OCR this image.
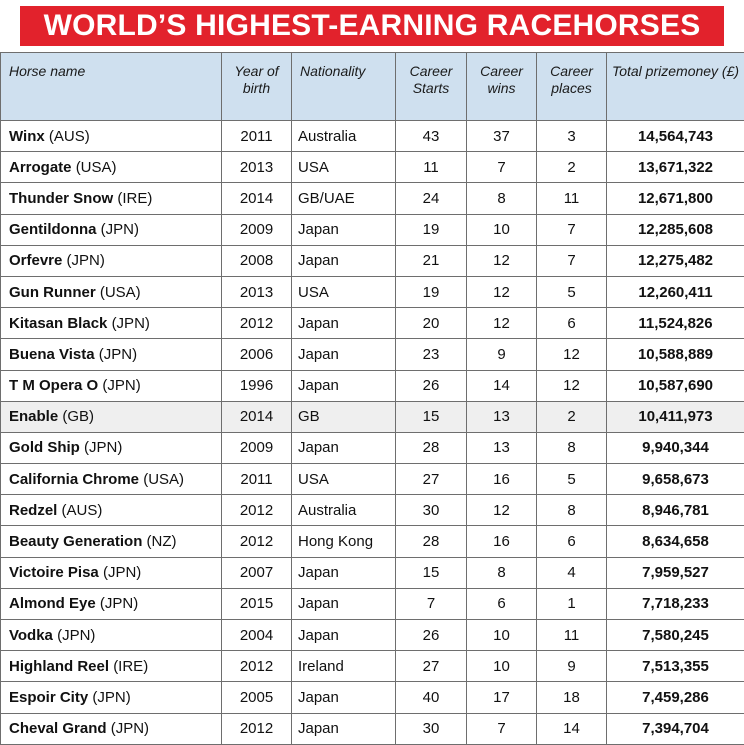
WORLD’S HIGHEST-EARNING RACEHORSES
Horse name	Year of birth	Nationality	Career Starts	Career wins	Career places	Total prizemoney (£)
Winx (AUS)	2011	Australia	43	37	3	14,564,743
Arrogate (USA)	2013	USA	11	7	2	13,671,322
Thunder Snow (IRE)	2014	GB/UAE	24	8	11	12,671,800
Gentildonna (JPN)	2009	Japan	19	10	7	12,285,608
Orfevre (JPN)	2008	Japan	21	12	7	12,275,482
Gun Runner (USA)	2013	USA	19	12	5	12,260,411
Kitasan Black (JPN)	2012	Japan	20	12	6	11,524,826
Buena Vista (JPN)	2006	Japan	23	9	12	10,588,889
T M Opera O (JPN)	1996	Japan	26	14	12	10,587,690
Enable (GB)	2014	GB	15	13	2	10,411,973
Gold Ship (JPN)	2009	Japan	28	13	8	9,940,344
California Chrome (USA)	2011	USA	27	16	5	9,658,673
Redzel (AUS)	2012	Australia	30	12	8	8,946,781
Beauty Generation (NZ)	2012	Hong Kong	28	16	6	8,634,658
Victoire Pisa (JPN)	2007	Japan	15	8	4	7,959,527
Almond Eye (JPN)	2015	Japan	7	6	1	7,718,233
Vodka (JPN)	2004	Japan	26	10	11	7,580,245
Highland Reel (IRE)	2012	Ireland	27	10	9	7,513,355
Espoir City (JPN)	2005	Japan	40	17	18	7,459,286
Cheval Grand (JPN)	2012	Japan	30	7	14	7,394,704
